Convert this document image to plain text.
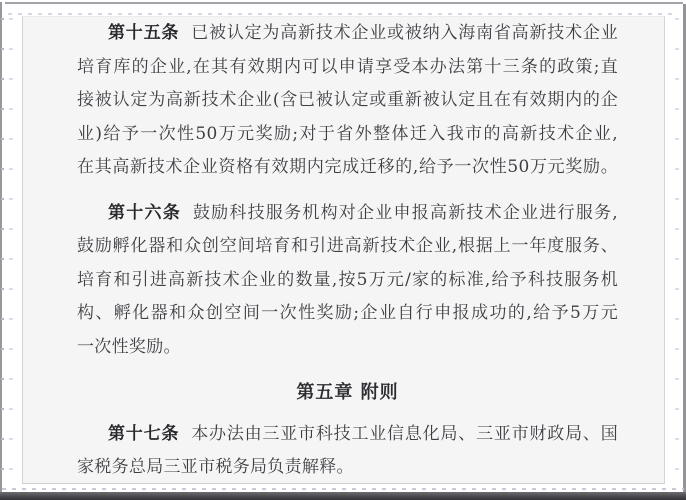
第十五条 已被认定为高新技术企业或被纳入海南省高新技术企业
培育库的企业,在其有效期内可以申请享受本办法第十三条的政策;直
接被认定为高新技术企业(含已被认定或重新被认定且在有效期内的企
业)给予一次性50万元奖励;对于省外整体迁入我市的高新技术企业,
在其高新技术企业资格有效期内完成迁移的,给予一次性50万元奖励。
第十六条 鼓励科技服务机构对企业申报高新技术企业进行服务,
鼓励孵化器和众创空间培育和引进高新技术企业,根据上一年度服务、
培育和引进高新技术企业的数量,按5万元/家的标准,给予科技服务机
构、孵化器和众创空间一次性奖励;企业自行申报成功的,给予5万元
一次性奖励。
第五章 附则
第十七条 本办法由三亚市科技工业信息化局、三亚市财政局、国
家税务总局三亚市税务局负责解释。
